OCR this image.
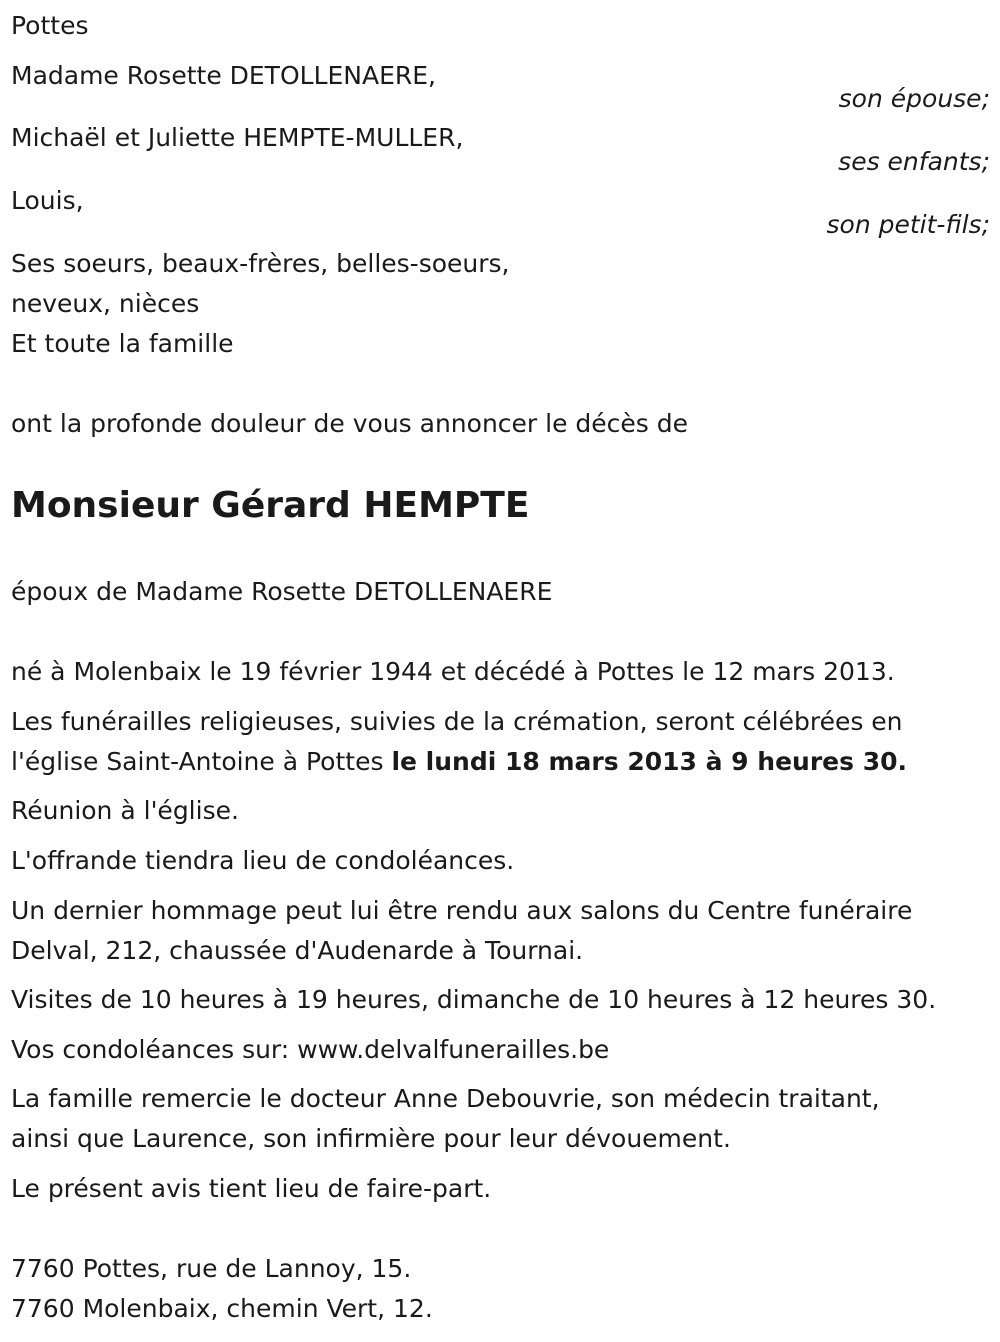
Pottes
Madame Rosette DETOLLENAERE,
son épouse;
Michaël et Juliette HEMPTE-MULLER,
ses enfants;
Louis,
son petit-fils;
Ses soeurs, beaux-frères, belles-soeurs,
neveux, nièces
Et toute la famille
ont la profonde douleur de vous annoncer le décès de
Monsieur Gérard HEMPTE
époux de Madame Rosette DETOLLENAERE
né à Molenbaix le 19 février 1944 et décédé à Pottes le 12 mars 2013.
Les funérailles religieuses, suivies de la crémation, seront célébrées en
l'église Saint-Antoine à Pottes le lundi 18 mars 2013 à 9 heures 30.
Réunion à l'église.
L'offrande tiendra lieu de condoléances.
Un dernier hommage peut lui être rendu aux salons du Centre funéraire
Delval, 212, chaussée d'Audenarde à Tournai.
Visites de 10 heures à 19 heures, dimanche de 10 heures à 12 heures 30.
Vos condoléances sur: www.delvalfunerailles.be
La famille remercie le docteur Anne Debouvrie, son médecin traitant,
ainsi que Laurence, son infirmière pour leur dévouement.
Le présent avis tient lieu de faire-part.
7760 Pottes, rue de Lannoy, 15.
7760 Molenbaix, chemin Vert, 12.
